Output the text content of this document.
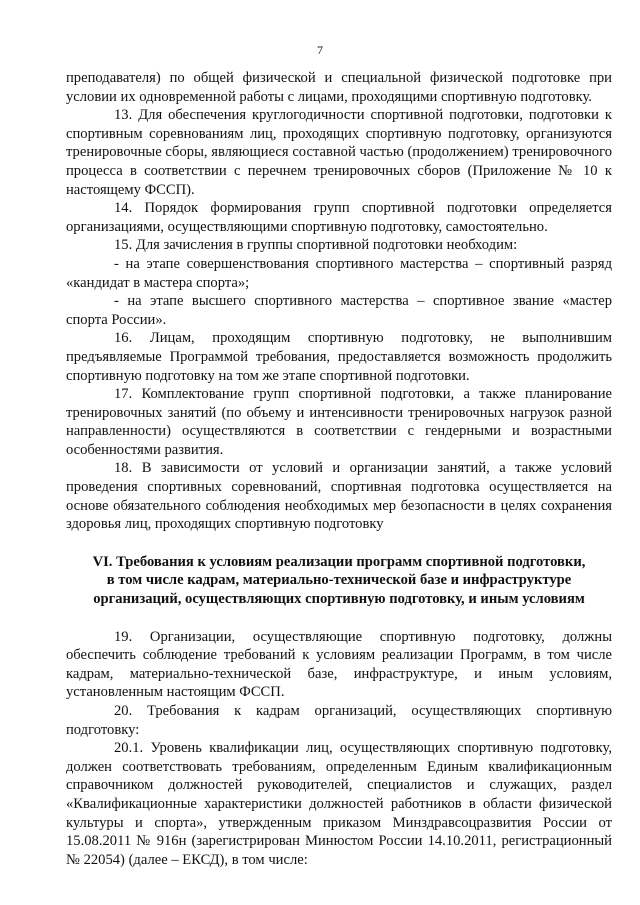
7

преподавателя) по общей физической и специальной физической подготовке при условии их одновременной работы с лицами, проходящими спортивную подготовку.

13. Для обеспечения круглогодичности спортивной подготовки, подготовки к спортивным соревнованиям лиц, проходящих спортивную подготовку, организуются тренировочные сборы, являющиеся составной частью (продолжением) тренировочного процесса в соответствии с перечнем тренировочных сборов (Приложение № 10 к настоящему ФССП).

14. Порядок формирования групп спортивной подготовки определяется организациями, осуществляющими спортивную подготовку, самостоятельно.

15. Для зачисления в группы спортивной подготовки необходим:

- на этапе совершенствования спортивного мастерства – спортивный разряд «кандидат в мастера спорта»;

- на этапе высшего спортивного мастерства – спортивное звание «мастер спорта России».

16. Лицам, проходящим спортивную подготовку, не выполнившим предъявляемые Программой требования, предоставляется возможность продолжить спортивную подготовку на том же этапе спортивной подготовки.

17. Комплектование групп спортивной подготовки, а также планирование тренировочных занятий (по объему и интенсивности тренировочных нагрузок разной направленности) осуществляются в соответствии с гендерными и возрастными особенностями развития.

18. В зависимости от условий и организации занятий, а также условий проведения спортивных соревнований, спортивная подготовка осуществляется на основе обязательного соблюдения необходимых мер безопасности в целях сохранения здоровья лиц, проходящих спортивную подготовку

VI. Требования к условиям реализации программ спортивной подготовки,
в том числе кадрам, материально-технической базе и инфраструктуре
организаций, осуществляющих спортивную подготовку, и иным условиям

19. Организации, осуществляющие спортивную подготовку, должны обеспечить соблюдение требований к условиям реализации Программ, в том числе кадрам, материально-технической базе, инфраструктуре, и иным условиям, установленным настоящим ФССП.

20. Требования к кадрам организаций, осуществляющих спортивную подготовку:

20.1. Уровень квалификации лиц, осуществляющих спортивную подготовку, должен соответствовать требованиям, определенным Единым квалификационным справочником должностей руководителей, специалистов и служащих, раздел «Квалификационные характеристики должностей работников в области физической культуры и спорта», утвержденным приказом Минздравсоцразвития России от 15.08.2011 № 916н (зарегистрирован Минюстом России 14.10.2011, регистрационный № 22054) (далее – ЕКСД), в том числе:
